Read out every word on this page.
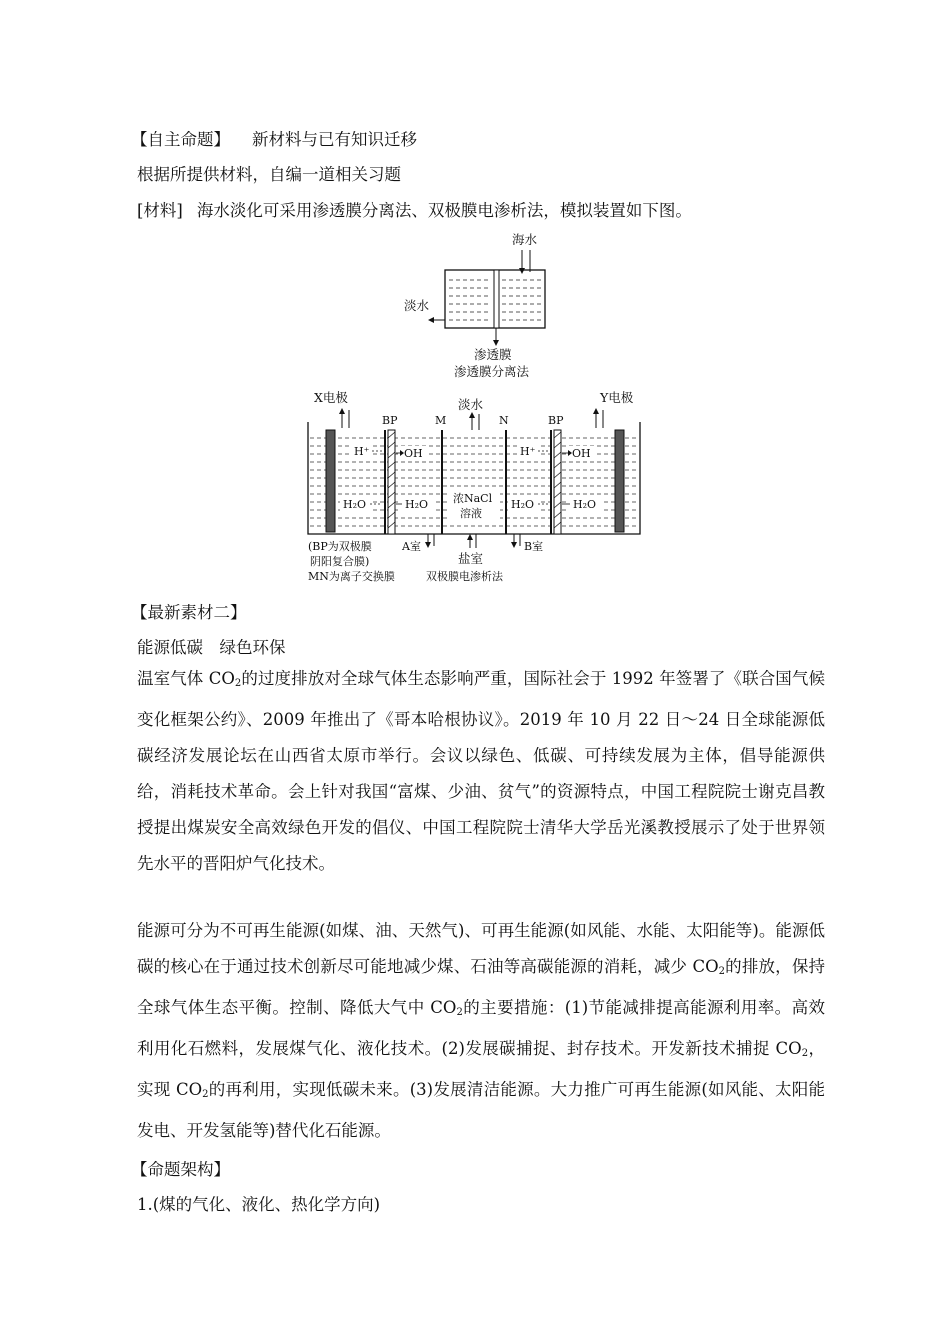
【自主命题】 新材料与已有知识迁移
根据所提供材料，自编一道相关习题
[材料] 海水淡化可采用渗透膜分离法、双极膜电渗析法，模拟装置如下图。
海水
淡水
渗透膜
渗透膜分离法
X电极	Y电极
BP	M
淡水
N	BP
H⁺	OH
H₂O	H₂O 浓NaCl
溶液
H⁺	OH
H₂O	H₂O
(BP为双极膜
阴阳复合膜)
MN为离子交换膜
A室
盐室
B室
双极膜电渗析法
【最新素材二】
能源低碳　绿色环保
温室气体 $CO_2$的过度排放对全球气体生态影响严重，国际社会于 1992 年签署了《联合国气候变化框架公约》、2009 年推出了《哥本哈根协议》。2019 年 10 月 22 日～24 日全球能源低碳经济发展论坛在山西省太原市举行。会议以绿色、低碳、可持续发展为主体，倡导能源供给，消耗技术革命。会上针对我国“富煤、少油、贫气”的资源特点，中国工程院院士谢克昌教授提出煤炭安全高效绿色开发的倡仪、中国工程院院士清华大学岳光溪教授展示了处于世界领先水平的晋阳炉气化技术。
能源可分为不可再生能源(如煤、油、天然气)、可再生能源(如风能、水能、太阳能等)。能源低碳的核心在于通过技术创新尽可能地减少煤、石油等高碳能源的消耗，减少 $CO_2$的排放，保持全球气体生态平衡。控制、降低大气中 $CO_2$的主要措施：(1)节能减排提高能源利用率。高效利用化石燃料，发展煤气化、液化技术。(2)发展碳捕捉、封存技术。开发新技术捕捉 $CO_2$，实现 $CO_2$的再利用，实现低碳未来。(3)发展清洁能源。大力推广可再生能源(如风能、太阳能发电、开发氢能等)替代化石能源。
【命题架构】
1.(煤的气化、液化、热化学方向)
